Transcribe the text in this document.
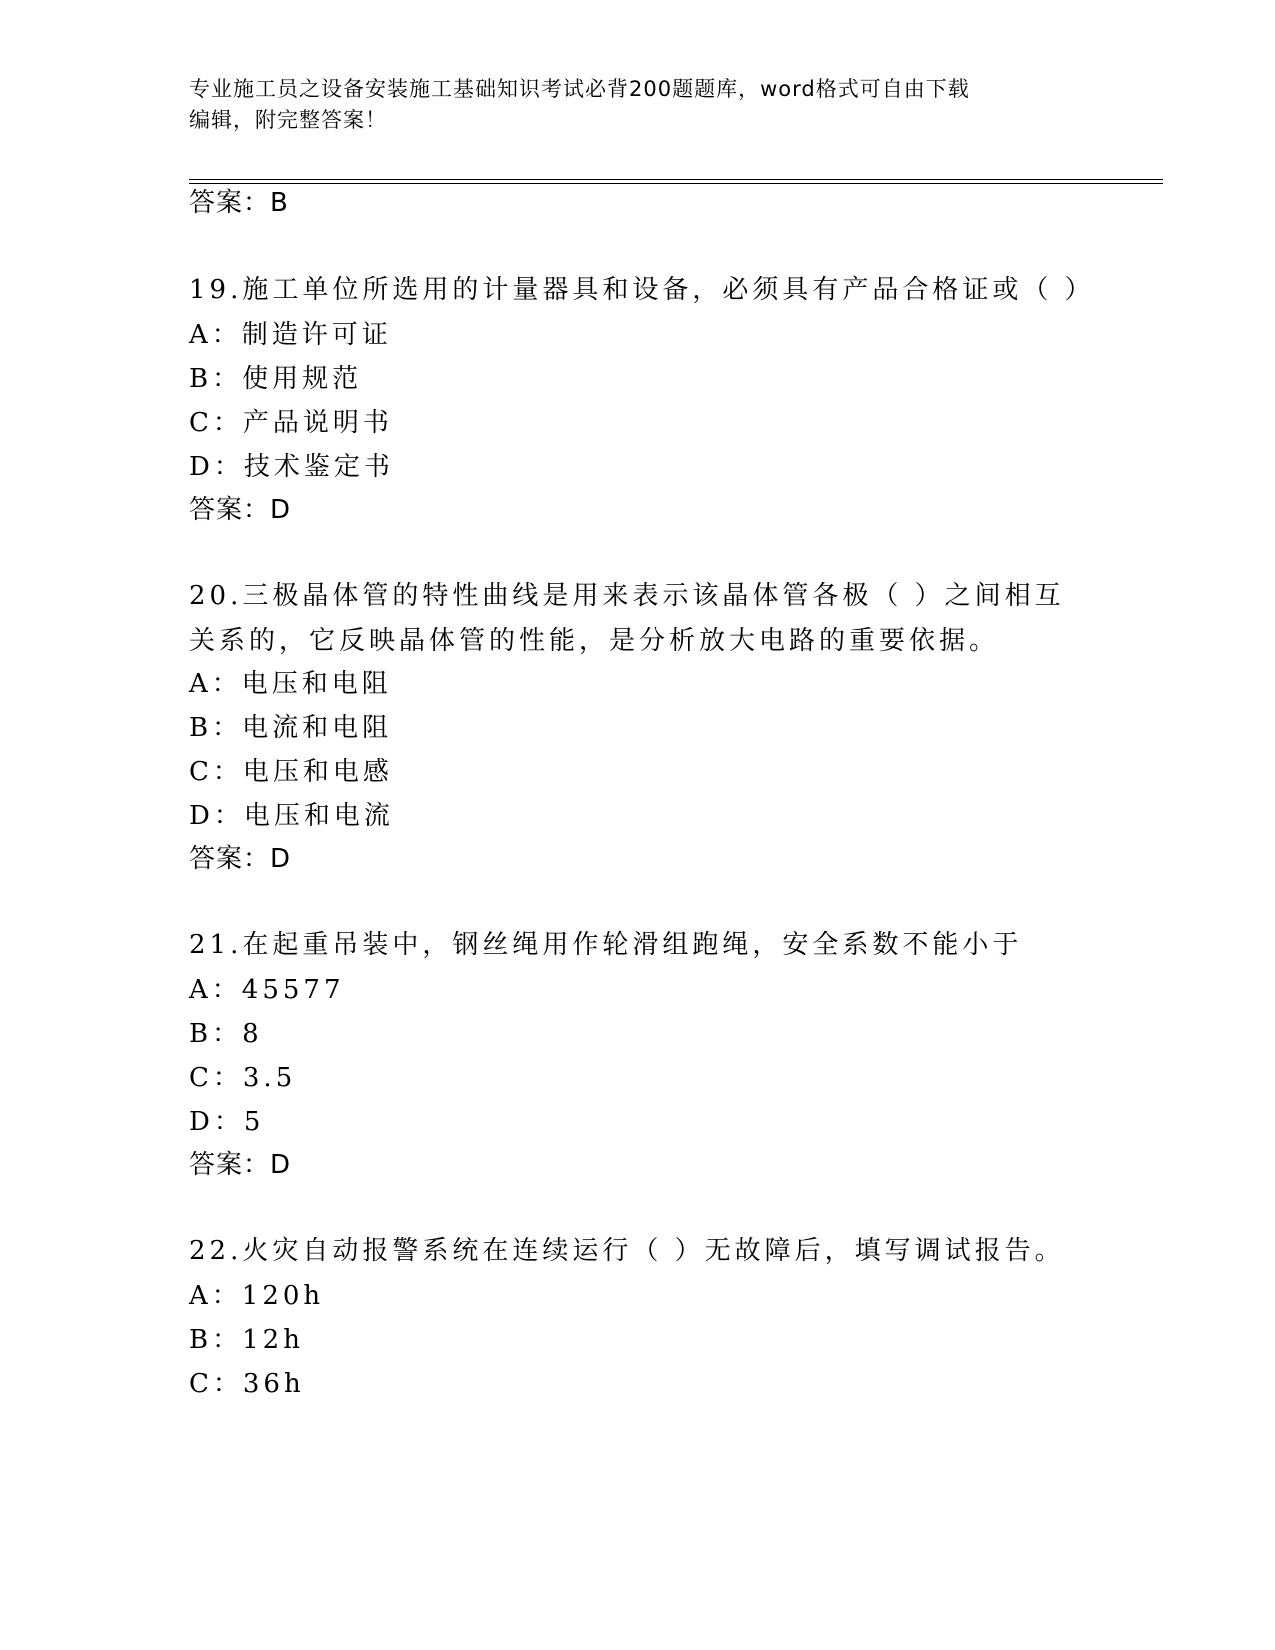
专业施工员之设备安装施工基础知识考试必背200题题库，word格式可自由下载
编辑，附完整答案！
答案：B
19.施工单位所选用的计量器具和设备，必须具有产品合格证或（ ）
A：制造许可证
B：使用规范
C：产品说明书
D：技术鉴定书
答案：D
20.三极晶体管的特性曲线是用来表示该晶体管各极（ ）之间相互关系的，它反映晶体管的性能，是分析放大电路的重要依据。
A：电压和电阻
B：电流和电阻
C：电压和电感
D：电压和电流
答案：D
21.在起重吊装中，钢丝绳用作轮滑组跑绳，安全系数不能小于
A：45577
B：8
C：3.5
D：5
答案：D
22.火灾自动报警系统在连续运行（ ）无故障后，填写调试报告。
A：120h
B：12h
C：36h
